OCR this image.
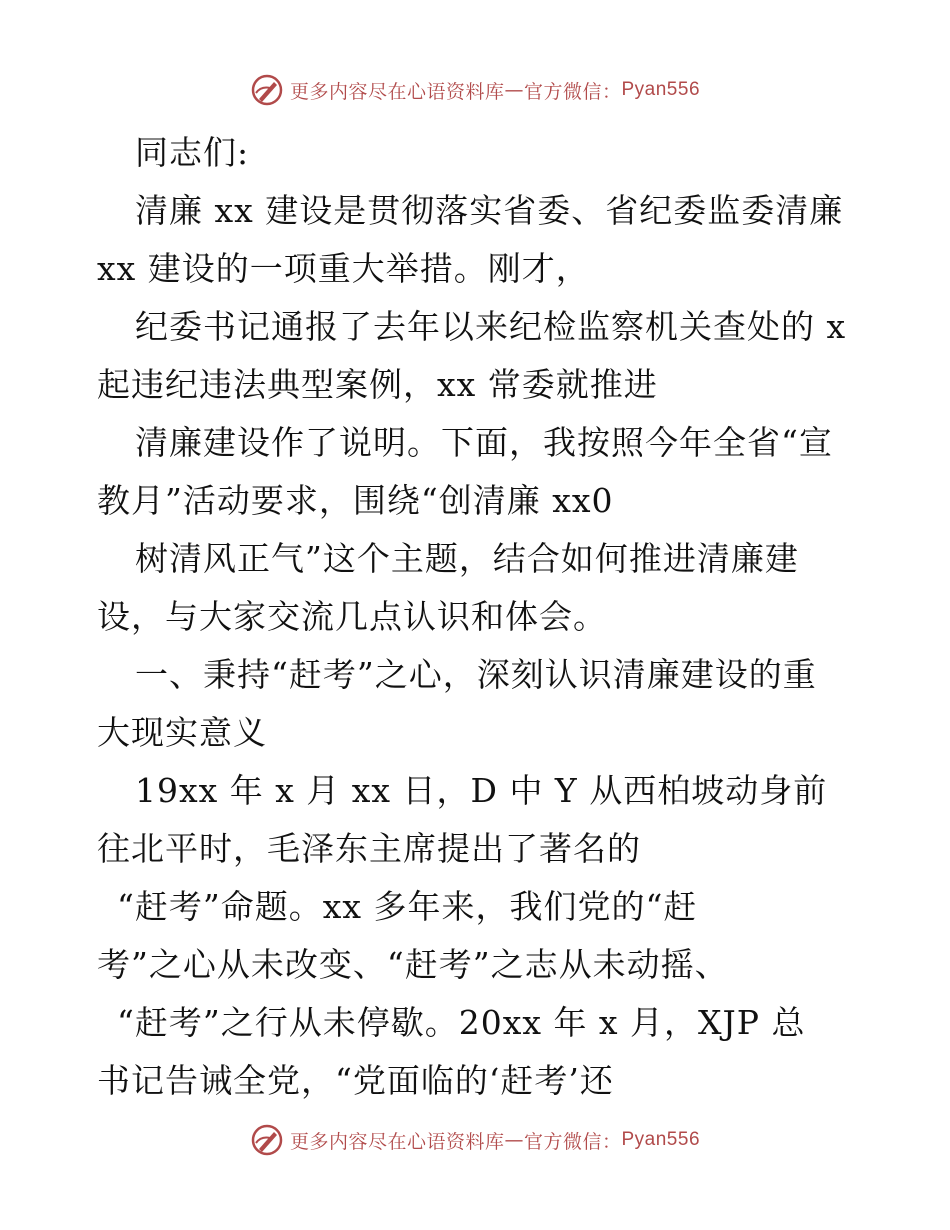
更多内容尽在心语资料库 — 官方微信： Pyan556
同志们:
清廉 xx 建设是贯彻落实省委、省纪委监委清廉
xx 建设的一项重大举措。刚才，
纪委书记通报了去年以来纪检监察机关查处的 x
起违纪违法典型案例，xx 常委就推进
清廉建设作了说明。下面，我按照今年全省“宣
教月”活动要求，围绕“创清廉 xx0
树清风正气”这个主题，结合如何推进清廉建
设，与大家交流几点认识和体会。
一、秉持“赶考”之心，深刻认识清廉建设的重
大现实意义
19xx 年 x 月 xx 日，D 中 Y 从西柏坡动身前
往北平时，毛泽东主席提出了著名的
“赶考”命题。xx 多年来，我们党的“赶
考”之心从未改变、“赶考”之志从未动摇、
“赶考”之行从未停歇。20xx 年 x 月，XJP 总
书记告诫全党，“党面临的‘赶考’还
更多内容尽在心语资料库 — 官方微信： Pyan556
